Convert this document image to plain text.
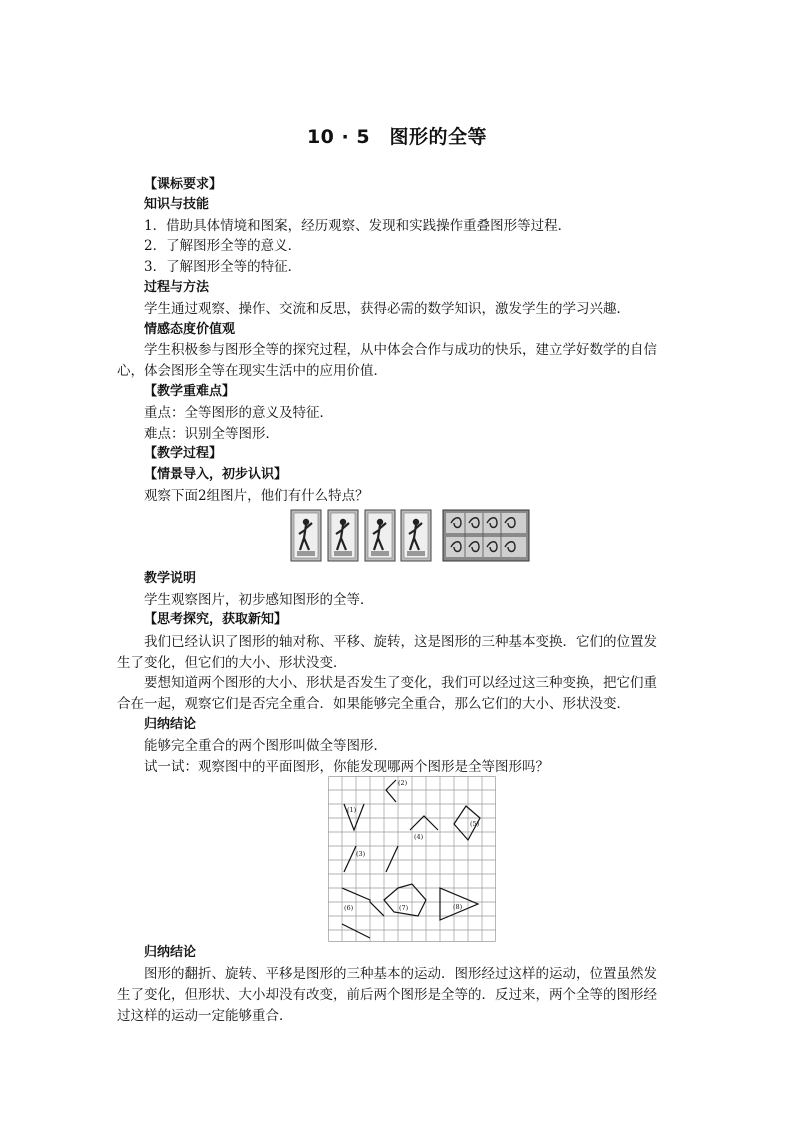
10 · 5　图形的全等
【课标要求】
知识与技能
1．借助具体情境和图案，经历观察、发现和实践操作重叠图形等过程．
2．了解图形全等的意义．
3．了解图形全等的特征．
过程与方法
学生通过观察、操作、交流和反思，获得必需的数学知识，激发学生的学习兴趣．
情感态度价值观
学生积极参与图形全等的探究过程，从中体会合作与成功的快乐，建立学好数学的自信
心，体会图形全等在现实生活中的应用价值．
【教学重难点】
重点：全等图形的意义及特征．
难点：识别全等图形．
【教学过程】
【情景导入，初步认识】
观察下面2组图片，他们有什么特点？
教学说明
学生观察图片，初步感知图形的全等．
【思考探究，获取新知】
我们已经认识了图形的轴对称、平移、旋转，这是图形的三种基本变换．它们的位置发
生了变化，但它们的大小、形状没变．
要想知道两个图形的大小、形状是否发生了变化，我们可以经过这三种变换，把它们重
合在一起，观察它们是否完全重合．如果能够完全重合，那么它们的大小、形状没变．
归纳结论
能够完全重合的两个图形叫做全等图形．
试一试：观察图中的平面图形，你能发现哪两个图形是全等图形吗？
(1)
(2)
(3)
(4)
(5)
(6)	(7)	(8)
归纳结论
图形的翻折、旋转、平移是图形的三种基本的运动．图形经过这样的运动，位置虽然发
生了变化，但形状、大小却没有改变，前后两个图形是全等的．反过来，两个全等的图形经
过这样的运动一定能够重合．
